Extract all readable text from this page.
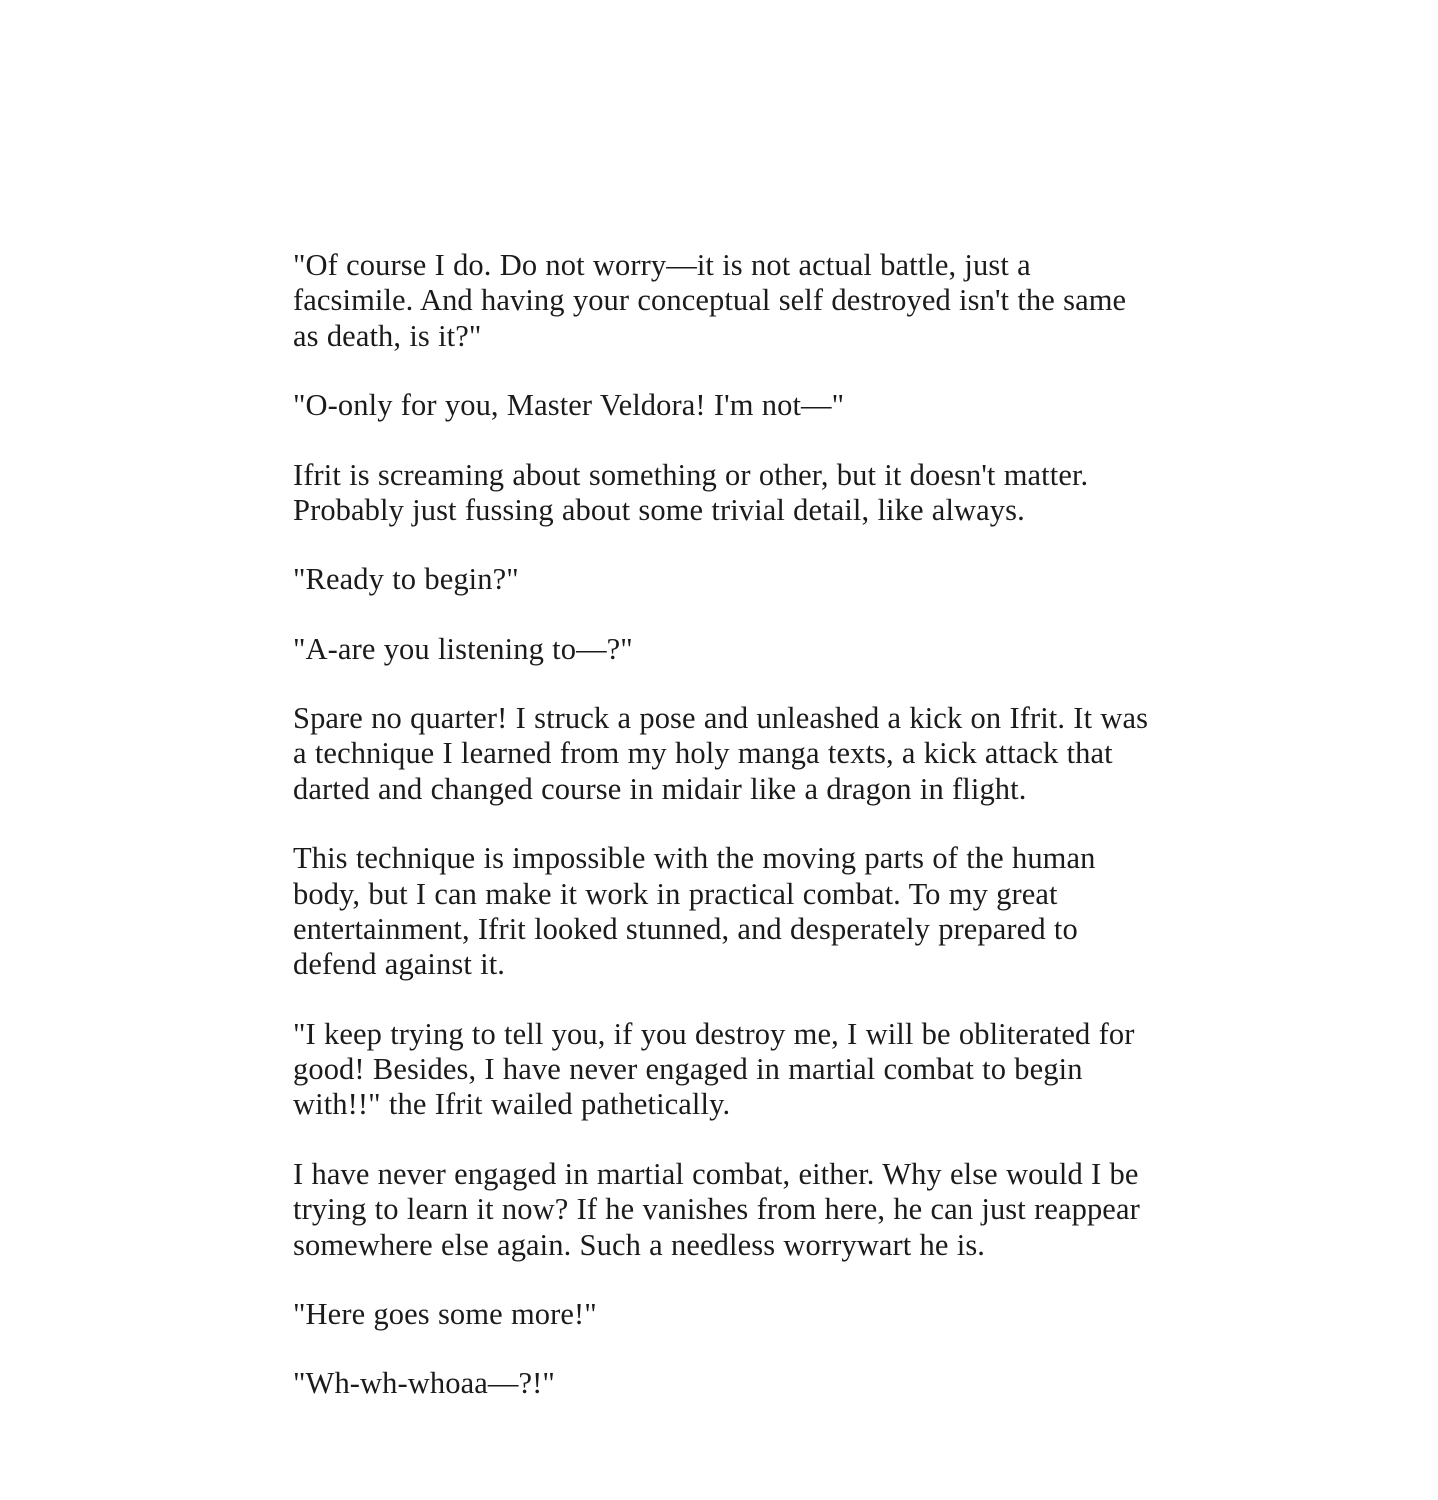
"Of course I do. Do not worry—it is not actual battle, just a facsimile. And having your conceptual self destroyed isn't the same as death, is it?"

"O-only for you, Master Veldora! I'm not—"

Ifrit is screaming about something or other, but it doesn't matter. Probably just fussing about some trivial detail, like always.

"Ready to begin?"

"A-are you listening to—?"

Spare no quarter! I struck a pose and unleashed a kick on Ifrit. It was a technique I learned from my holy manga texts, a kick attack that darted and changed course in midair like a dragon in flight.

This technique is impossible with the moving parts of the human body, but I can make it work in practical combat. To my great entertainment, Ifrit looked stunned, and desperately prepared to defend against it.

"I keep trying to tell you, if you destroy me, I will be obliterated for good! Besides, I have never engaged in martial combat to begin with!!" the Ifrit wailed pathetically.

I have never engaged in martial combat, either. Why else would I be trying to learn it now? If he vanishes from here, he can just reappear somewhere else again. Such a needless worrywart he is.

"Here goes some more!"

"Wh-wh-whoaa—?!"
